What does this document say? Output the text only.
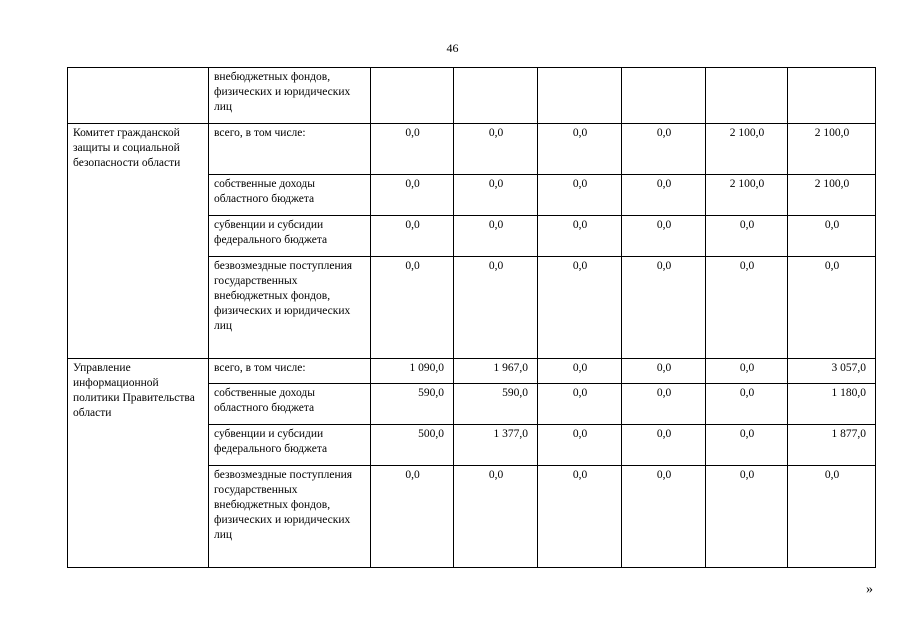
46
	внебюджетных фондов, физических и юридических лиц						
Комитет гражданской защиты и социальной безопасности области	всего, в том числе:	0,0	0,0	0,0	0,0	2 100,0	2 100,0
	собственные доходы областного бюджета	0,0	0,0	0,0	0,0	2 100,0	2 100,0
	субвенции и субсидии федерального бюджета	0,0	0,0	0,0	0,0	0,0	0,0
	безвозмездные поступления государственных внебюджетных фондов, физических и юридических лиц	0,0	0,0	0,0	0,0	0,0	0,0
Управление информационной политики Правительства области	всего, в том числе:	1 090,0	1 967,0	0,0	0,0	0,0	3 057,0
	собственные доходы областного бюджета	590,0	590,0	0,0	0,0	0,0	1 180,0
	субвенции и субсидии федерального бюджета	500,0	1 377,0	0,0	0,0	0,0	1 877,0
	безвозмездные поступления государственных внебюджетных фондов, физических и юридических лиц	0,0	0,0	0,0	0,0	0,0	0,0
»
